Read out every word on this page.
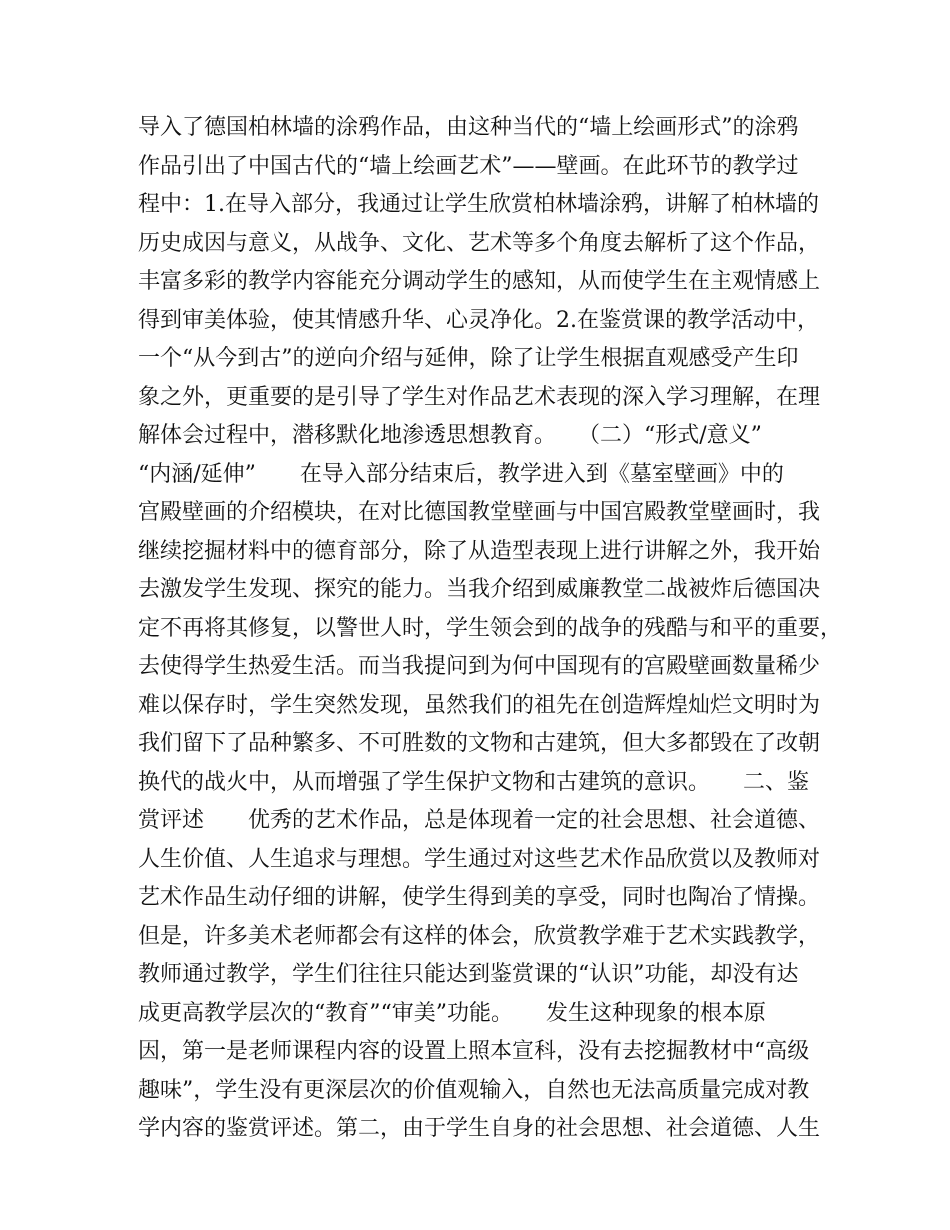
导入了德国柏林墙的涂鸦作品，由这种当代的“墙上绘画形式”的涂鸦
作品引出了中国古代的“墙上绘画艺术”——壁画。在此环节的教学过
程中：1.在导入部分，我通过让学生欣赏柏林墙涂鸦，讲解了柏林墙的
历史成因与意义，从战争、文化、艺术等多个角度去解析了这个作品，
丰富多彩的教学内容能充分调动学生的感知，从而使学生在主观情感上
得到审美体验，使其情感升华、心灵净化。2.在鉴赏课的教学活动中，
一个“从今到古”的逆向介绍与延伸，除了让学生根据直观感受产生印
象之外，更重要的是引导了学生对作品艺术表现的深入学习理解，在理
解体会过程中，潜移默化地渗透思想教育。　　（二）“形式/意义”
“内涵/延伸”　　在导入部分结束后，教学进入到《墓室壁画》中的
宫殿壁画的介绍模块，在对比德国教堂壁画与中国宫殿教堂壁画时，我
继续挖掘材料中的德育部分，除了从造型表现上进行讲解之外，我开始
去激发学生发现、探究的能力。当我介绍到威廉教堂二战被炸后德国决
定不再将其修复，以警世人时，学生领会到的战争的残酷与和平的重要，
去使得学生热爱生活。而当我提问到为何中国现有的宫殿壁画数量稀少
难以保存时，学生突然发现，虽然我们的祖先在创造辉煌灿烂文明时为
我们留下了品种繁多、不可胜数的文物和古建筑，但大多都毁在了改朝
换代的战火中，从而增强了学生保护文物和古建筑的意识。　　二、鉴
赏评述　　优秀的艺术作品，总是体现着一定的社会思想、社会道德、
人生价值、人生追求与理想。学生通过对这些艺术作品欣赏以及教师对
艺术作品生动仔细的讲解，使学生得到美的享受，同时也陶冶了情操。
但是，许多美术老师都会有这样的体会，欣赏教学难于艺术实践教学，
教师通过教学，学生们往往只能达到鉴赏课的“认识”功能，却没有达
成更高教学层次的“教育”“审美”功能。　　发生这种现象的根本原
因，第一是老师课程内容的设置上照本宣科，没有去挖掘教材中“高级
趣味”，学生没有更深层次的价值观输入，自然也无法高质量完成对教
学内容的鉴赏评述。第二，由于学生自身的社会思想、社会道德、人生
